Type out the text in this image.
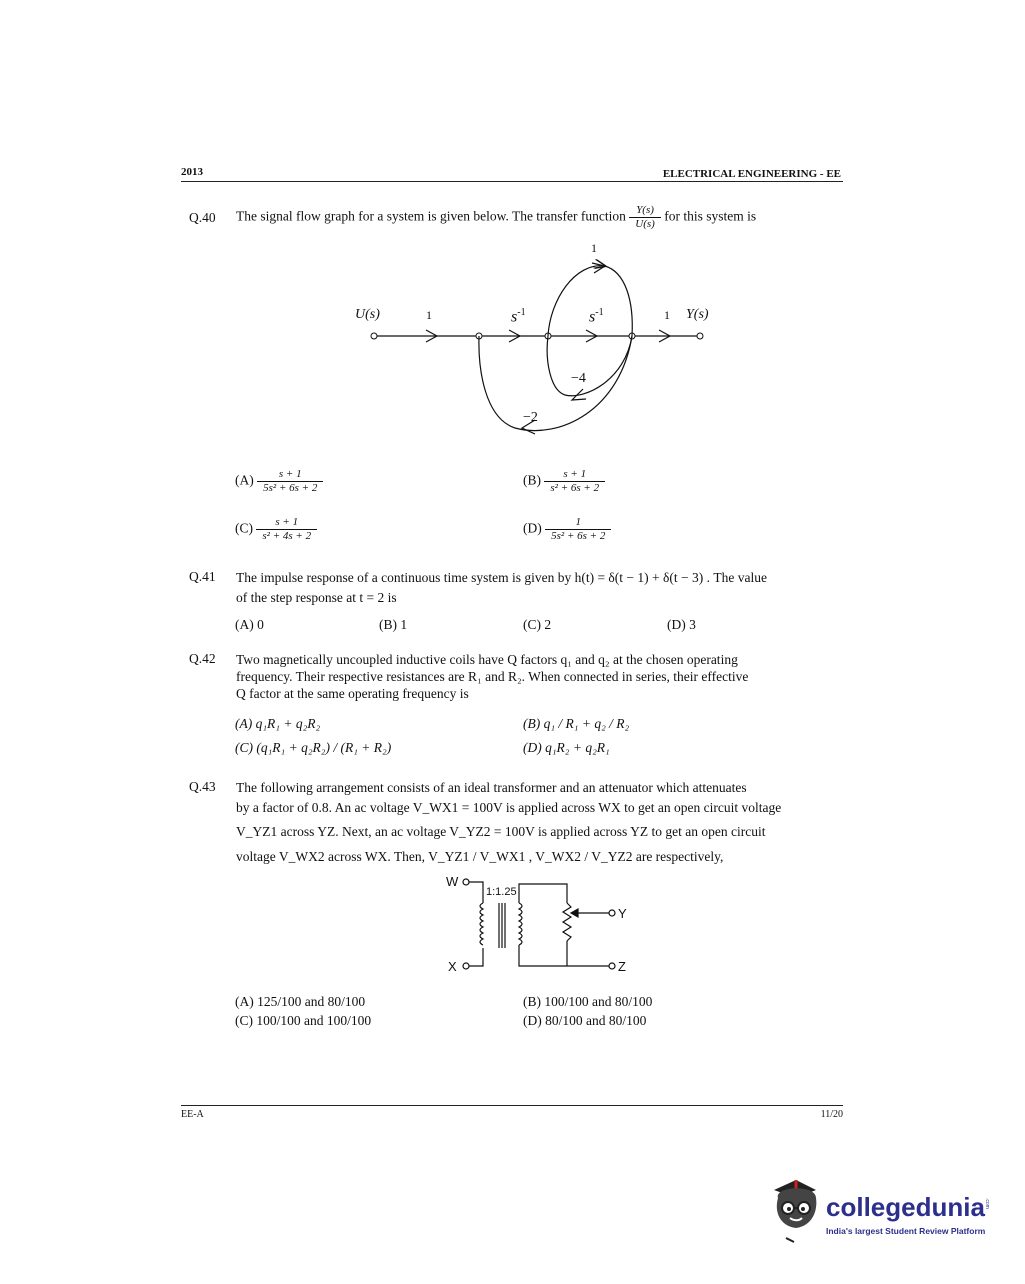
2013	ELECTRICAL ENGINEERING - EE
Q.40 The signal flow graph for a system is given below. The transfer function $\frac{Y(s)}{U(s)}$ for this system is
U(s)	1	$s^{-1}$	$s^{-1}$	1 Y(s)
1
−4
−2
$(A) \frac{s + 1}{\text{5s² + 6s + 2}}$	$(B) \frac{s + 1}{\text{s² + 6s + 2}}$
$(C) \frac{s + 1}{\text{s² + 4s + 2}}$	$(D) \frac{1}{\text{5s² + 6s + 2}}$
Q.41 The impulse response of a continuous time system is given by h(t) = δ(t − 1) + δ(t − 3) . The value
of the step response at t = 2 is
(A) 0	(B) 1	(C) 2	(D) 3
Q.42 Two magnetically uncoupled inductive coils have Q factors q₁ and q₂ at the chosen operating
frequency. Their respective resistances are R₁ and R₂. When connected in series, their effective
Q factor at the same operating frequency is
(A) q₁R₁ + q₂R₂	(B) q₁ / R₁ + q₂ / R₂
(C) (q₁R₁ + q₂R₂) / (R₁ + R₂)	(D) q₁R₂ + q₂R₁
Q.43 The following arrangement consists of an ideal transformer and an attenuator which attenuates
by a factor of 0.8. An ac voltage V_WX1 = 100V is applied across WX to get an open circuit voltage
V_YZ1 across YZ. Next, an ac voltage V_YZ2 = 100V is applied across YZ to get an open circuit
voltage V_WX2 across WX. Then, V_YZ1 / V_WX1 , V_WX2 / V_YZ2 are respectively,
W
X
Y
Z
1:1.25
(A) 125/100 and 80/100	(B) 100/100 and 80/100
(C) 100/100 and 100/100	(D) 80/100 and 80/100
EE-A	11/20
collegedunia .com
India's largest Student Review Platform
